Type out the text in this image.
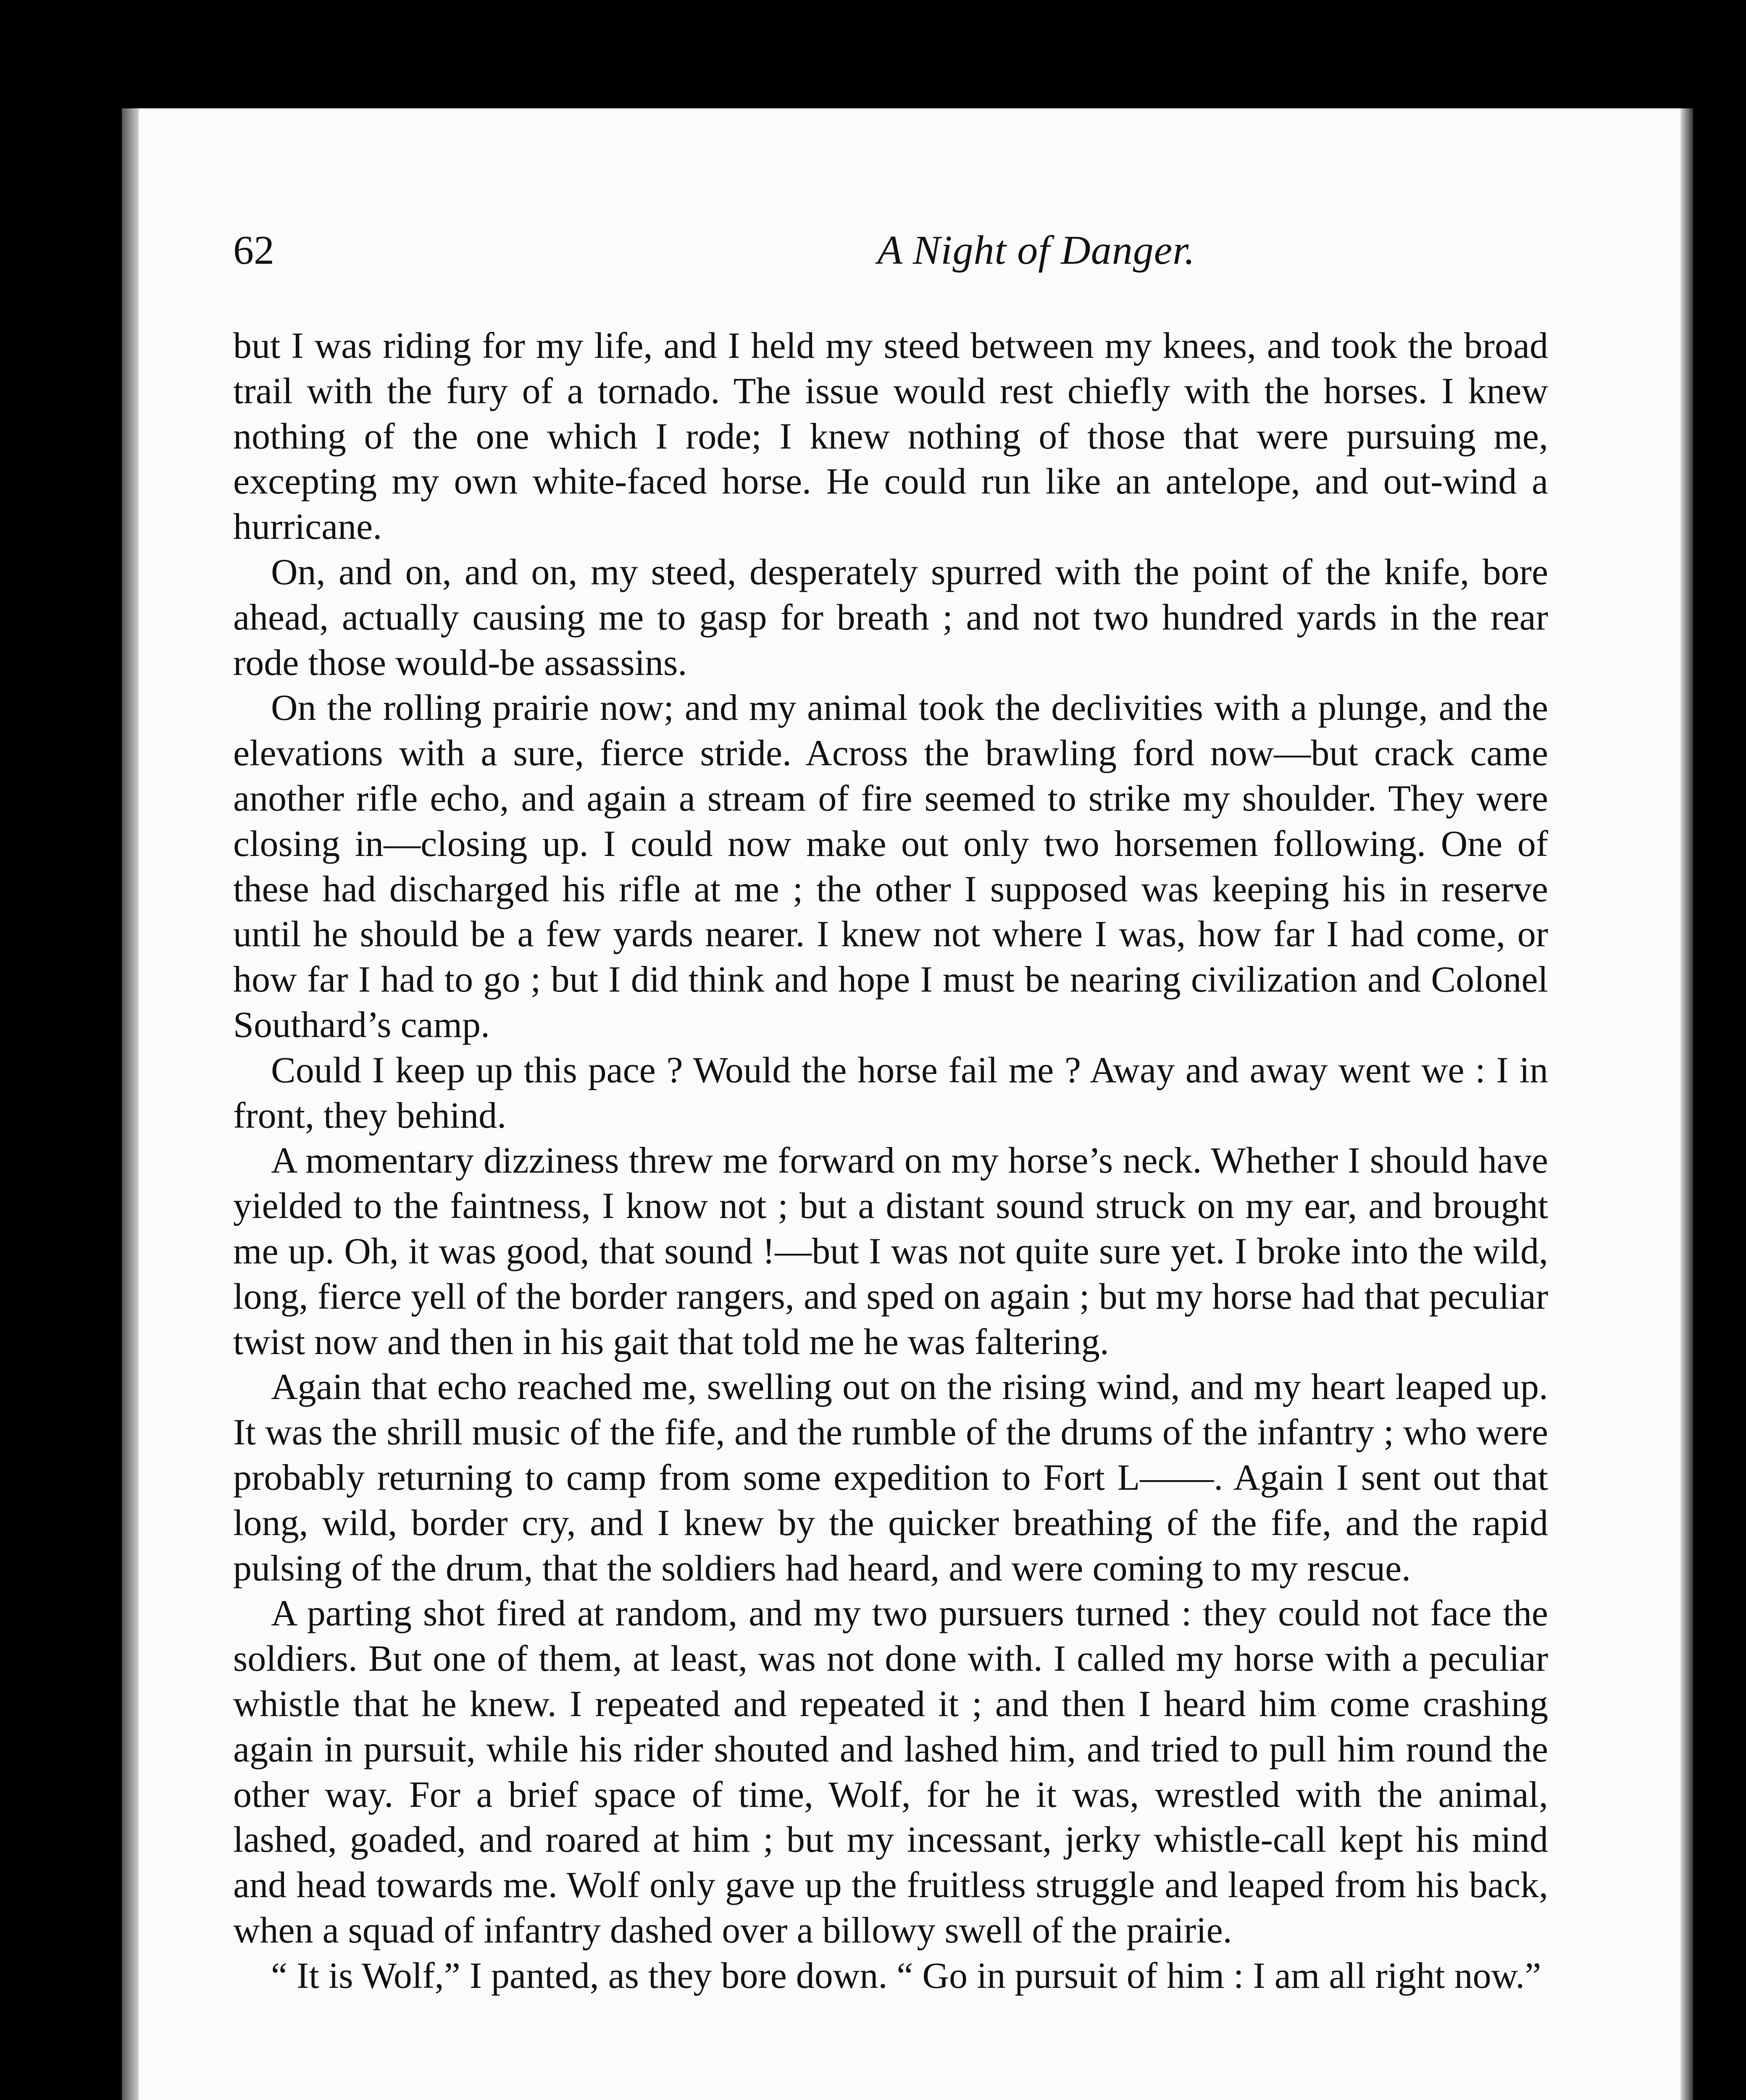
62	A Night of Danger.

but I was riding for my life, and I held my steed between my knees, and took the broad trail with the fury of a tornado. The issue would rest chiefly with the horses. I knew nothing of the one which I rode; I knew nothing of those that were pursuing me, excepting my own white-faced horse. He could run like an antelope, and out-wind a hurricane.

On, and on, and on, my steed, desperately spurred with the point of the knife, bore ahead, actually causing me to gasp for breath ; and not two hundred yards in the rear rode those would-be assassins.

On the rolling prairie now; and my animal took the declivities with a plunge, and the elevations with a sure, fierce stride. Across the brawling ford now—but crack came another rifle echo, and again a stream of fire seemed to strike my shoulder. They were closing in—closing up. I could now make out only two horsemen following. One of these had discharged his rifle at me ; the other I supposed was keeping his in reserve until he should be a few yards nearer. I knew not where I was, how far I had come, or how far I had to go ; but I did think and hope I must be nearing civilization and Colonel Southard’s camp.

Could I keep up this pace ? Would the horse fail me ? Away and away went we : I in front, they behind.

A momentary dizziness threw me forward on my horse’s neck. Whether I should have yielded to the faintness, I know not ; but a distant sound struck on my ear, and brought me up. Oh, it was good, that sound !—but I was not quite sure yet. I broke into the wild, long, fierce yell of the border rangers, and sped on again ; but my horse had that peculiar twist now and then in his gait that told me he was faltering.

Again that echo reached me, swelling out on the rising wind, and my heart leaped up. It was the shrill music of the fife, and the rumble of the drums of the infantry ; who were probably returning to camp from some expedition to Fort L——. Again I sent out that long, wild, border cry, and I knew by the quicker breathing of the fife, and the rapid pulsing of the drum, that the soldiers had heard, and were coming to my rescue.

A parting shot fired at random, and my two pursuers turned : they could not face the soldiers. But one of them, at least, was not done with. I called my horse with a peculiar whistle that he knew. I repeated and repeated it ; and then I heard him come crashing again in pursuit, while his rider shouted and lashed him, and tried to pull him round the other way. For a brief space of time, Wolf, for he it was, wrestled with the animal, lashed, goaded, and roared at him ; but my incessant, jerky whistle-call kept his mind and head towards me. Wolf only gave up the fruitless struggle and leaped from his back, when a squad of infantry dashed over a billowy swell of the prairie.

“ It is Wolf,” I panted, as they bore down. “ Go in pursuit of him : I am all right now.”
